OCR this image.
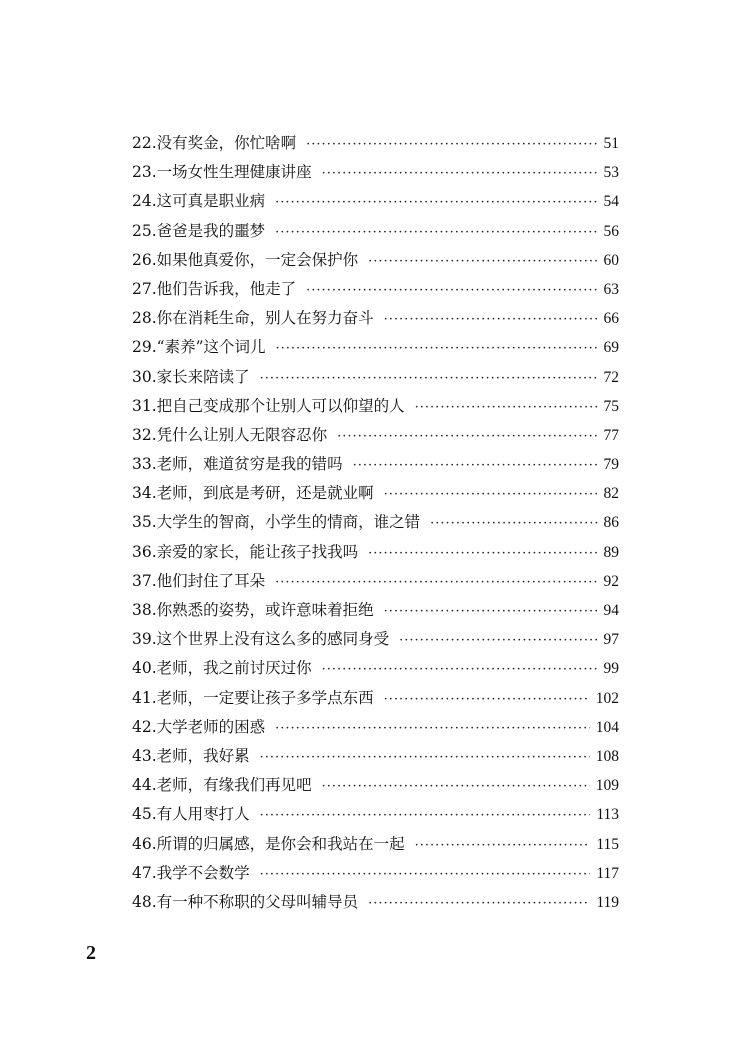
22.没有奖金，你忙啥啊 ·····	51
23.一场女性生理健康讲座 ·····	53
24.这可真是职业病 ·····	54
25.爸爸是我的噩梦 ·····	56
26.如果他真爱你，一定会保护你 ·····	60
27.他们告诉我，他走了 ·····	63
28.你在消耗生命，别人在努力奋斗 ·····	66
29.“素养”这个词儿 ·····	69
30.家长来陪读了 ·····	72
31.把自己变成那个让别人可以仰望的人 ·····	75
32.凭什么让别人无限容忍你 ·····	77
33.老师，难道贫穷是我的错吗 ·····	79
34.老师，到底是考研，还是就业啊 ·····	82
35.大学生的智商，小学生的情商，谁之错 ·····	86
36.亲爱的家长，能让孩子找我吗 ·····	89
37.他们封住了耳朵 ·····	92
38.你熟悉的姿势，或许意味着拒绝 ·····	94
39.这个世界上没有这么多的感同身受 ·····	97
40.老师，我之前讨厌过你 ·····	99
41.老师，一定要让孩子多学点东西 ·····	102
42.大学老师的困惑 ·····	104
43.老师，我好累 ·····	108
44.老师，有缘我们再见吧 ·····	109
45.有人用枣打人 ·····	113
46.所谓的归属感，是你会和我站在一起 ·····	115
47.我学不会数学 ·····	117
48.有一种不称职的父母叫辅导员 ·····	119
2
